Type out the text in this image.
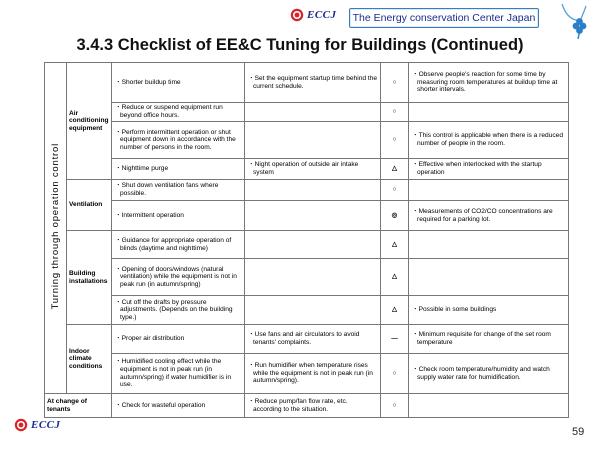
ECCJ	The Energy conservation Center Japan
3.4.3 Checklist of EE&C Tuning for Buildings (Continued)
Turning through operation control	Air conditioning equipment	・Shorter buildup time	・Set the equipment startup time behind the current schedule.	○	・Observe people's reaction for some time by measuring room temperatures at buildup time at shorter intervals.

		・Reduce or suspend equipment run beyond office hours.		○	

		・Perform intermittent operation or shut equipment down in accordance with the number of persons in the room.		○	・This control is applicable when there is a reduced number of people in the room.

		・Nighttime purge	・Night operation of outside air intake system	△	・Effective when interlocked with the startup operation

	Ventilation	・Shut down ventilation fans where possible.		○	

		・Intermittent operation		◎	・Measurements of CO2/CO concentrations are required for a parking lot.

	Building installations	・Guidance for appropriate operation of blinds (daytime and nighttime)		△	

		・Opening of doors/windows (natural ventilation) while the equipment is not in peak run (in autumn/spring)		△	

		・Cut off the drafts by pressure adjustments. (Depends on the building type.)		△	・Possible in some buildings

	Indoor climate conditions	・Proper air distribution	・Use fans and air circulators to avoid tenants' complaints.	—	・Minimum requisite for change of the set room temperature

		・Humidified cooling effect while the equipment is not in peak run (in autumn/spring) if water humidifier is in use.	・Run humidifier when temperature rises while the equipment is not in peak run (in autumn/spring).	○	・Check room temperature/humidity and watch supply water rate for humidification.

At change of tenants		・Check for wasteful operation	・Reduce pump/fan flow rate, etc. according to the situation.	○	
ECCJ
59
